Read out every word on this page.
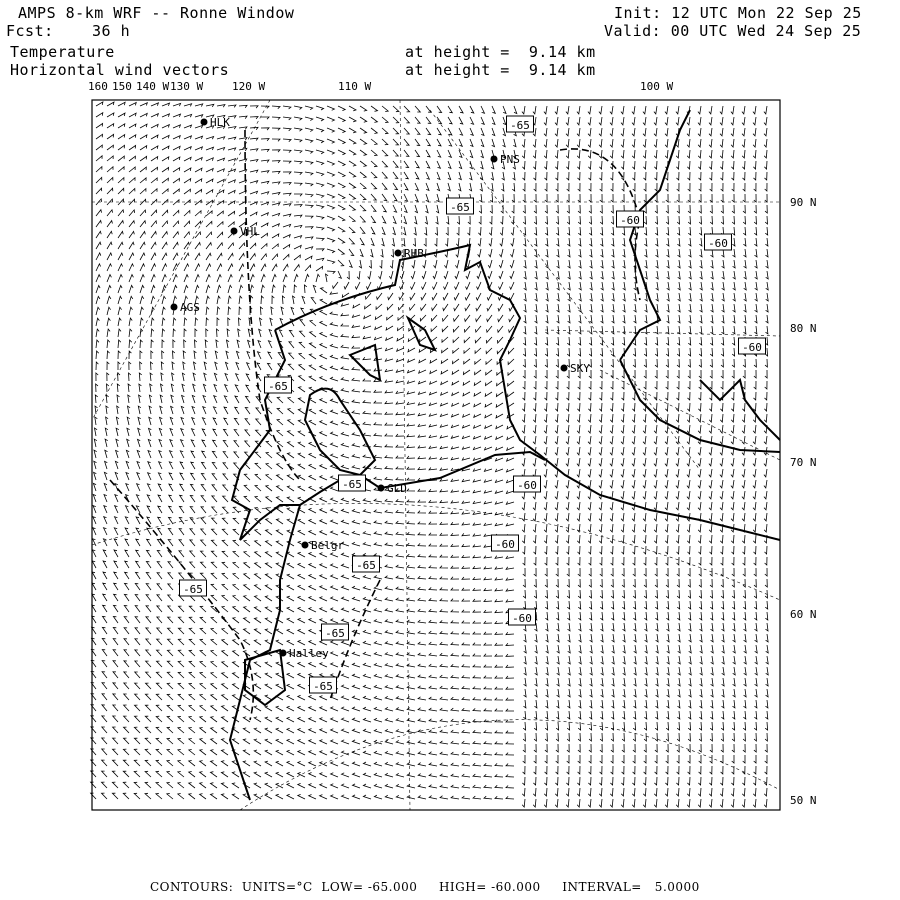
AMPS 8-km WRF -- Ronne Window
Fcst:	36 h
Init: 12 UTC Mon 22 Sep 25
Valid: 00 UTC Wed 24 Sep 25
Temperature
Horizontal wind vectors
at height =  9.14 km
at height =  9.14 km
-65
-65
-60
-60
-65
-60
-65	-60
-60
-65
-65
-60
-65
-65
HLK
PNS
VHL
RHB
AGS
SKY
GLD
Belgr
Halley
160 150 140 W 130 W	120 W	110 W	100 W
90 N
80 N
70 N
60 N
50 N
CONTOURS:  UNITS=°C  LOW= -65.000     HIGH= -60.000     INTERVAL=   5.0000
